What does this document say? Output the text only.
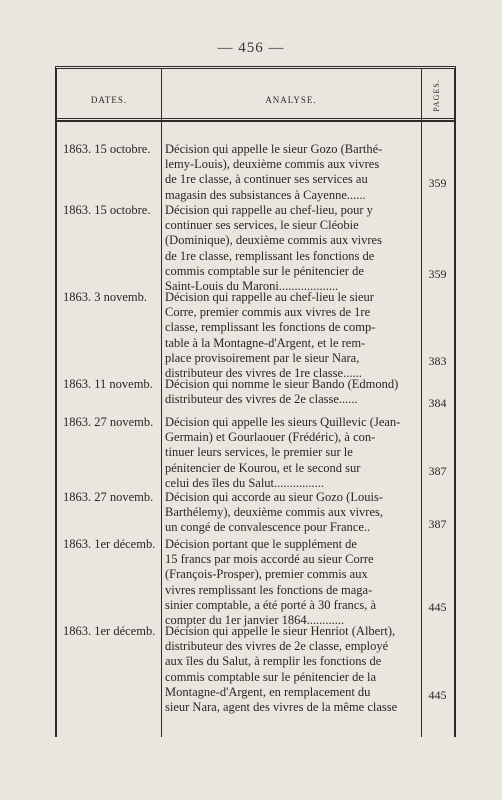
— 456 —
DATES.	ANALYSE.	PAGES.
1863. 15 octobre.	Décision qui appelle le sieur Gozo (Barthé-
lemy-Louis), deuxième commis aux vivres
de 1re classe, à continuer ses services au
magasin des subsistances à Cayenne......
359
1863. 15 octobre.	Décision qui rappelle au chef-lieu, pour y
continuer ses services, le sieur Cléobie
(Dominique), deuxième commis aux vivres
de 1re classe, remplissant les fonctions de
commis comptable sur le pénitencier de
Saint-Louis du Maroni...................
359
1863. 3 novemb.	Décision qui rappelle au chef-lieu le sieur
Corre, premier commis aux vivres de 1re
classe, remplissant les fonctions de comp-
table à la Montagne-d'Argent, et le rem-
place provisoirement par le sieur Nara,
distributeur des vivres de 1re classe......
383
1863. 11 novemb. Décision qui nomme le sieur Bando (Edmond)
distributeur des vivres de 2e classe......	384
1863. 27 novemb. Décision qui appelle les sieurs Quillevic (Jean-
Germain) et Gourlaouer (Frédéric), à con-
tinuer leurs services, le premier sur le
pénitencier de Kourou, et le second sur
celui des îles du Salut................
387
1863. 27 novemb. Décision qui accorde au sieur Gozo (Louis-
Barthélemy), deuxième commis aux vivres,
un congé de convalescence pour France..	387
1863. 1er décemb. Décision portant que le supplément de
15 francs par mois accordé au sieur Corre
(François-Prosper), premier commis aux
vivres remplissant les fonctions de maga-
sinier comptable, a été porté à 30 francs, à
compter du 1er janvier 1864............
445
1863. 1er décemb. Décision qui appelle le sieur Henriot (Albert),
distributeur des vivres de 2e classe, employé
aux îles du Salut, à remplir les fonctions de
commis comptable sur le pénitencier de la
Montagne-d'Argent, en remplacement du
sieur Nara, agent des vivres de la même classe
445
